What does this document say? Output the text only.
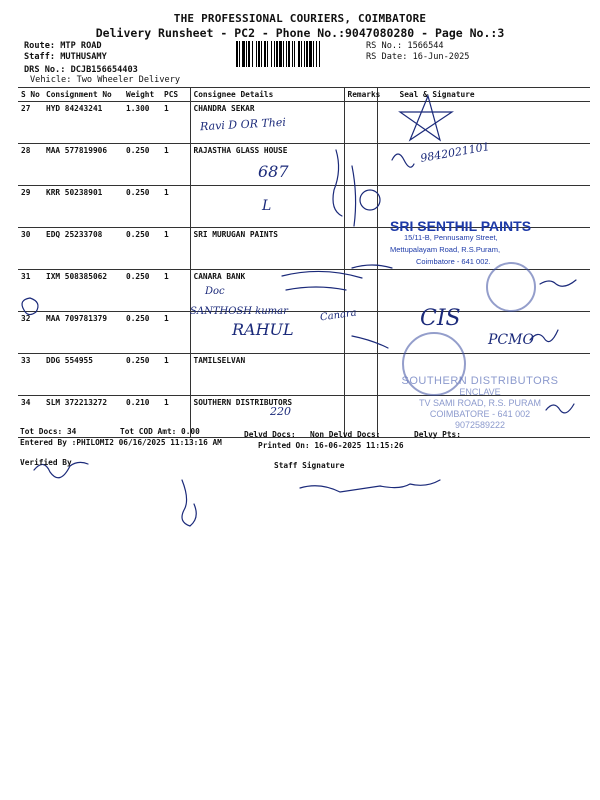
THE PROFESSIONAL COURIERS, COIMBATORE
Delivery Runsheet - PC2 - Phone No.:9047080280 - Page No.:3
Route: MTP ROAD
Staff: MUTHUSAMY
DRS No.: DCJB156654403
Vehicle: Two Wheeler Delivery
RS No.: 1566544
RS Date: 16-Jun-2025
S No	Consignment No	Weight	PCS	Consignee Details	Remarks	Seal & Signature
27	HYD 84243241	1.300	1	CHANDRA SEKAR		
28	MAA 577819906	0.250	1	RAJASTHA GLASS HOUSE		
29	KRR 50238901	0.250	1			
30	EDQ 25233708	0.250	1	SRI MURUGAN PAINTS		
31	IXM 508385062	0.250	1	CANARA BANK		
32	MAA 709781379	0.250	1			
33	DDG 554955	0.250	1	TAMILSELVAN		
34	SLM 372213272	0.210	1	SOUTHERN DISTRIBUTORS		
Ravi D OR Thei
687
9842021101
L
Doc
SANTHOSH kumar	Canara	CIS
PCMO
RAHUL
220
SRI SENTHIL PAINTS
15/11-B, Pennusamy Street,
Mettupalayam Road, R.S.Puram,
Coimbatore - 641 002.
SOUTHERN DISTRIBUTORS
ENCLAVE
TV SAMI ROAD, R.S. PURAM
COIMBATORE - 641 002
9072589222
Tot Docs: 34	Tot COD Amt: 0.00	Delvd Docs: Non Delvd Docs:	Delvy Pts:
Entered By :PHILOMI2 06/16/2025 11:13:16 AM	Printed On: 16-06-2025 11:15:26
Verified By	Staff Signature
